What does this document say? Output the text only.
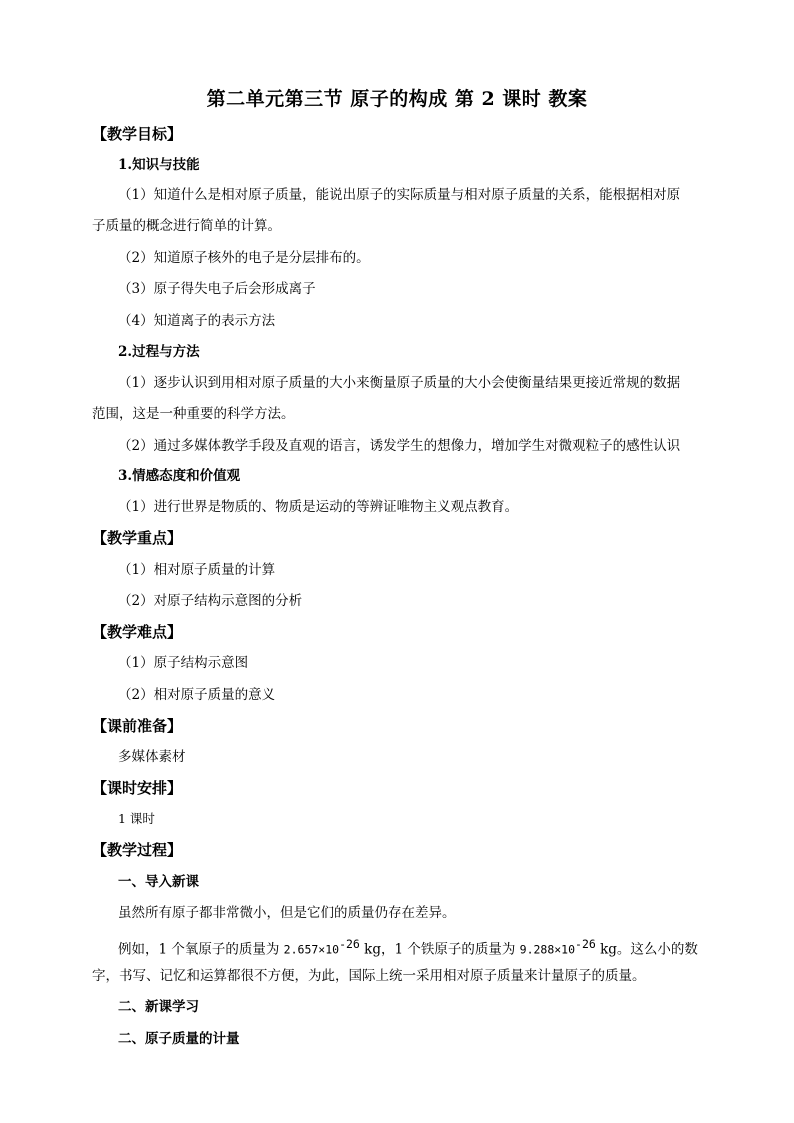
第二单元第三节 原子的构成 第 2 课时 教案
【教学目标】
1.知识与技能
（1）知道什么是相对原子质量，能说出原子的实际质量与相对原子质量的关系，能根据相对原
子质量的概念进行简单的计算。
（2）知道原子核外的电子是分层排布的。
（3）原子得失电子后会形成离子
（4）知道离子的表示方法
2.过程与方法
（1）逐步认识到用相对原子质量的大小来衡量原子质量的大小会使衡量结果更接近常规的数据
范围，这是一种重要的科学方法。
（2）通过多媒体教学手段及直观的语言，诱发学生的想像力，增加学生对微观粒子的感性认识
3.情感态度和价值观
（1）进行世界是物质的、物质是运动的等辨证唯物主义观点教育。
【教学重点】
（1）相对原子质量的计算
（2）对原子结构示意图的分析
【教学难点】
（1）原子结构示意图
（2）相对原子质量的意义
【课前准备】
多媒体素材
【课时安排】
1 课时
【教学过程】
一、导入新课
虽然所有原子都非常微小，但是它们的质量仍存在差异。
例如，1 个氧原子的质量为 $2.657\times 10^{-26}$ kg，1 个铁原子的质量为 $9.288\times 10^{-26}$ kg。这么小的数
字，书写、记忆和运算都很不方便，为此，国际上统一采用相对原子质量来计量原子的质量。
二、新课学习
二、原子质量的计量
